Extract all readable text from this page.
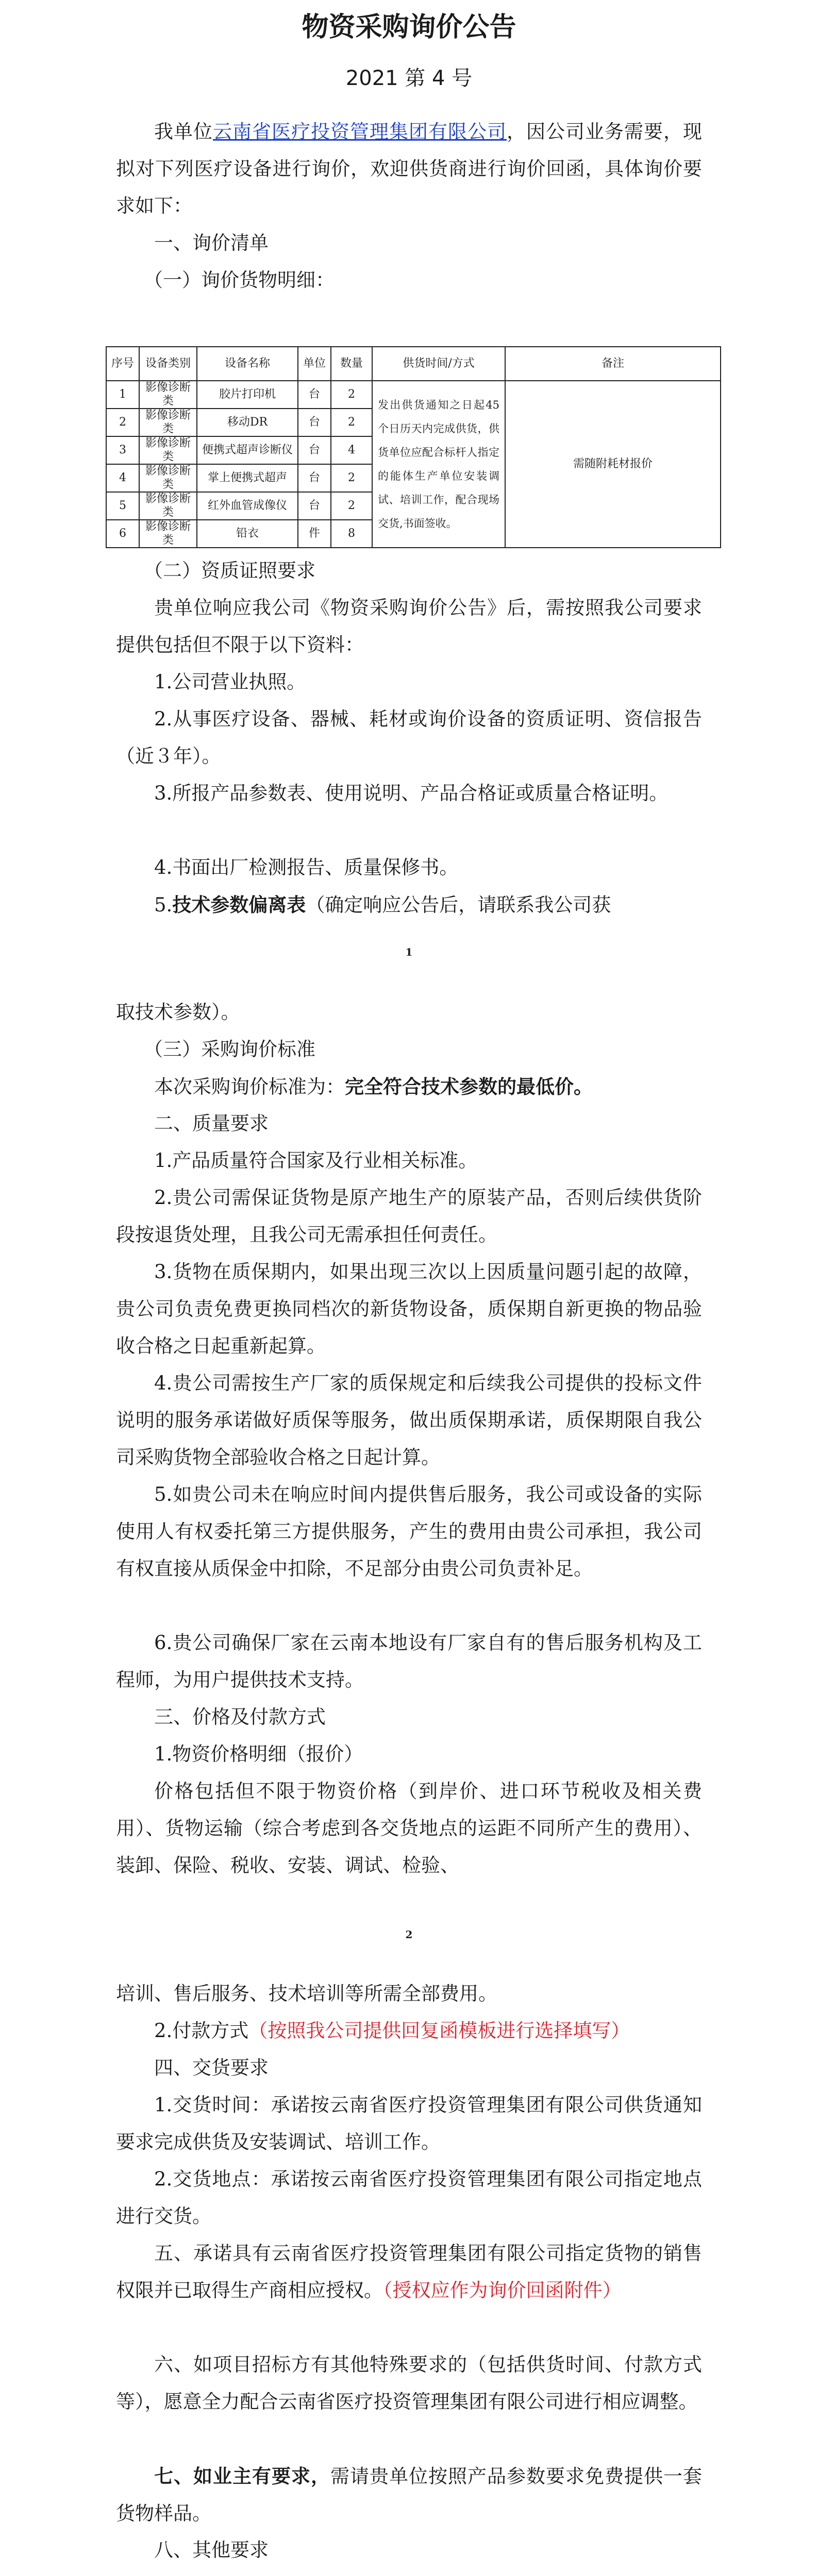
物资采购询价公告

2021 第 4 号

我单位云南省医疗投资管理集团有限公司，因公司业务需要，现拟对下列医疗设备进行询价，欢迎供货商进行询价回函，具体询价要求如下：

一、询价清单

（一）询价货物明细：

序号	设备类别	设备名称	单位	数量	供货时间/方式	备注
1	影像诊断类	胶片打印机	台	2	发出供货通知之日起45个日历天内完成供货，供货单位应配合标杆人指定的能体生产单位安装调试、培训工作，配合现场交货,书面签收。	需随附耗材报价
2	影像诊断类	移动DR	台	2		
3	影像诊断类	便携式超声诊断仪	台	4		
4	影像诊断类	掌上便携式超声	台	2		
5	影像诊断类	红外血管成像仪	台	2		
6	影像诊断类	铅衣	件	8		

（二）资质证照要求

贵单位响应我公司《物资采购询价公告》后，需按照我公司要求提供包括但不限于以下资料：

1.公司营业执照。

2.从事医疗设备、器械、耗材或询价设备的资质证明、资信报告（近３年）。

3.所报产品参数表、使用说明、产品合格证或质量合格证明。

4.书面出厂检测报告、质量保修书。

5.技术参数偏离表（确定响应公告后，请联系我公司获

1

取技术参数）。

（三）采购询价标准

本次采购询价标准为：完全符合技术参数的最低价。

二、质量要求

1.产品质量符合国家及行业相关标准。

2.贵公司需保证货物是原产地生产的原装产品，否则后续供货阶段按退货处理，且我公司无需承担任何责任。

3.货物在质保期内，如果出现三次以上因质量问题引起的故障，贵公司负责免费更换同档次的新货物设备，质保期自新更换的物品验收合格之日起重新起算。

4.贵公司需按生产厂家的质保规定和后续我公司提供的投标文件说明的服务承诺做好质保等服务，做出质保期承诺，质保期限自我公司采购货物全部验收合格之日起计算。

5.如贵公司未在响应时间内提供售后服务，我公司或设备的实际使用人有权委托第三方提供服务，产生的费用由贵公司承担，我公司有权直接从质保金中扣除，不足部分由贵公司负责补足。

6.贵公司确保厂家在云南本地设有厂家自有的售后服务机构及工程师，为用户提供技术支持。

三、价格及付款方式

1.物资价格明细（报价）

价格包括但不限于物资价格（到岸价、进口环节税收及相关费用）、货物运输（综合考虑到各交货地点的运距不同所产生的费用）、装卸、保险、税收、安装、调试、检验、

2

培训、售后服务、技术培训等所需全部费用。

2.付款方式（按照我公司提供回复函模板进行选择填写）

四、交货要求

1.交货时间：承诺按云南省医疗投资管理集团有限公司供货通知要求完成供货及安装调试、培训工作。

2.交货地点：承诺按云南省医疗投资管理集团有限公司指定地点进行交货。

五、承诺具有云南省医疗投资管理集团有限公司指定货物的销售权限并已取得生产商相应授权。（授权应作为询价回函附件）

六、如项目招标方有其他特殊要求的（包括供货时间、付款方式等），愿意全力配合云南省医疗投资管理集团有限公司进行相应调整。

七、如业主有要求，需请贵单位按照产品参数要求免费提供一套货物样品。

八、其他要求
